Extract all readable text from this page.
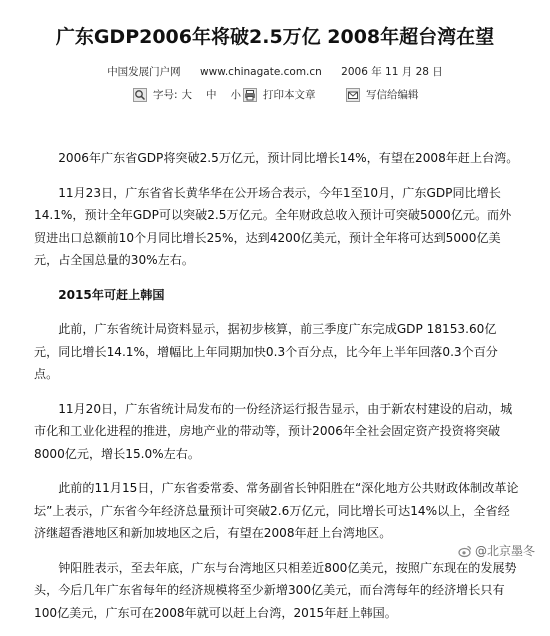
广东GDP2006年将破2.5万亿 2008年超台湾在望
中国发展门户网 www.chinagate.com.cn 2006 年 11 月 28 日
字号: 大 中 小 打印本文章	写信给编辑

2006年广东省GDP将突破2.5万亿元，预计同比增长14%，有望在2008年赶上台湾。

11月23日，广东省省长黄华华在公开场合表示，今年1至10月，广东GDP同比增长14.1%，预计全年GDP可以突破2.5万亿元。全年财政总收入预计可突破5000亿元。而外贸进出口总额前10个月同比增长25%，达到4200亿美元，预计全年将可达到5000亿美元，占全国总量的30%左右。

2015年可赶上韩国

此前，广东省统计局资料显示，据初步核算，前三季度广东完成GDP 18153.60亿元，同比增长14.1%，增幅比上年同期加快0.3个百分点，比今年上半年回落0.3个百分点。

11月20日，广东省统计局发布的一份经济运行报告显示，由于新农村建设的启动，城市化和工业化进程的推进，房地产业的带动等，预计2006年全社会固定资产投资将突破8000亿元，增长15.0%左右。

此前的11月15日，广东省委常委、常务副省长钟阳胜在“深化地方公共财政体制改革论坛”上表示，广东省今年经济总量预计可突破2.6万亿元，同比增长可达14%以上，全省经济继超香港地区和新加坡地区之后，有望在2008年赶上台湾地区。

钟阳胜表示，至去年底，广东与台湾地区只相差近800亿美元，按照广东现在的发展势头，今后几年广东省每年的经济规模将至少新增300亿美元，而台湾每年的经济增长只有100亿美元，广东可在2008年就可以赶上台湾，2015年赶上韩国。

@北京墨冬
